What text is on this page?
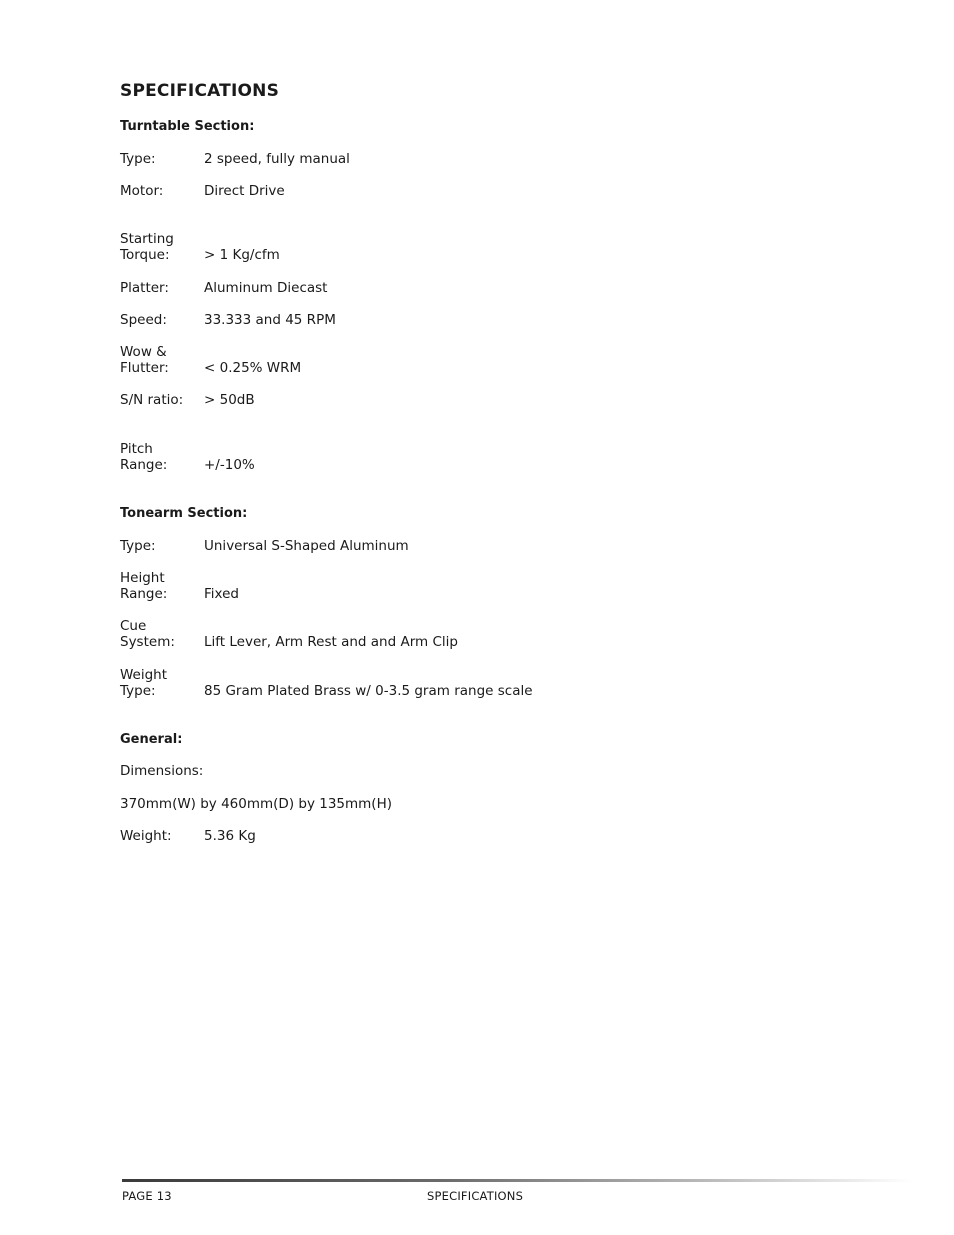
SPECIFICATIONS
Turntable Section:
Type:	2 speed, fully manual
Motor:	Direct Drive
Starting
Torque:	> 1 Kg/cfm
Platter:	Aluminum Diecast
Speed:	33.333 and 45 RPM
Wow &
Flutter:	< 0.25% WRM
S/N ratio: > 50dB
Pitch
Range:	+/-10%
Tonearm Section:
Type:	Universal S-Shaped Aluminum
Height
Range:	Fixed
Cue
System: Lift Lever, Arm Rest and and Arm Clip
Weight
Type:	85 Gram Plated Brass w/ 0-3.5 gram range scale
General:
Dimensions:
370mm(W) by 460mm(D) by 135mm(H)
Weight: 5.36 Kg
PAGE 13	SPECIFICATIONS
